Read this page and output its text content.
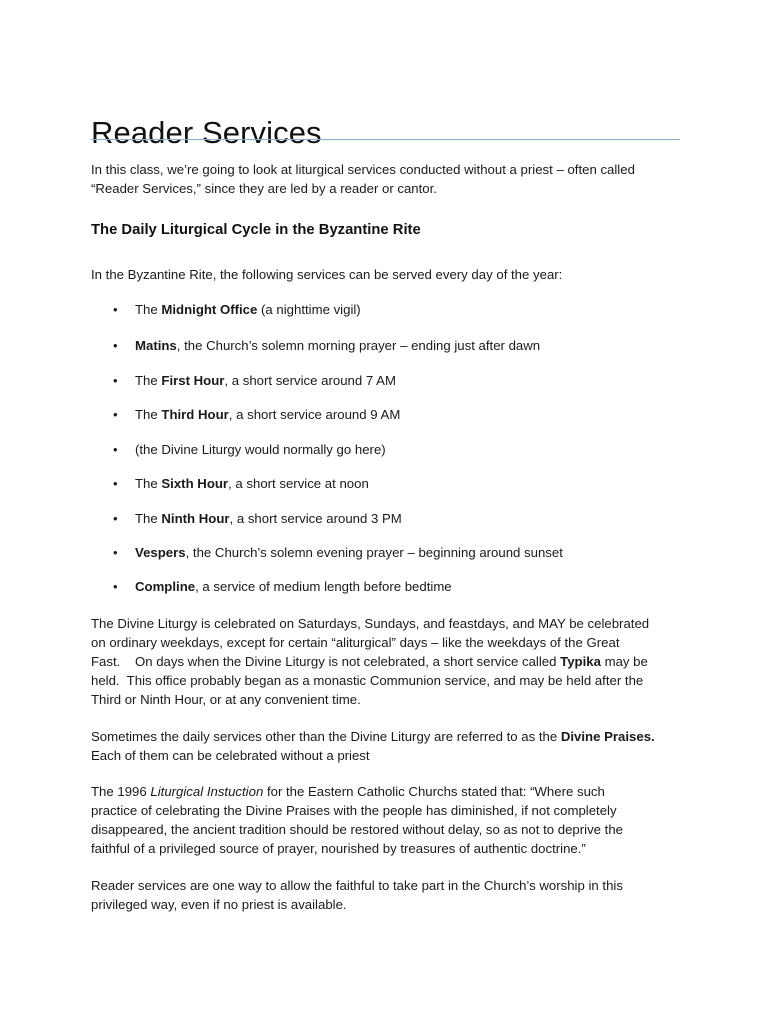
Reader Services

In this class, we’re going to look at liturgical services conducted without a priest – often called
“Reader Services,” since they are led by a reader or cantor.

The Daily Liturgical Cycle in the Byzantine Rite

In the Byzantine Rite, the following services can be served every day of the year:

• The Midnight Office (a nighttime vigil)
• Matins, the Church’s solemn morning prayer – ending just after dawn
• The First Hour, a short service around 7 AM
• The Third Hour, a short service around 9 AM
• (the Divine Liturgy would normally go here)
• The Sixth Hour, a short service at noon
• The Ninth Hour, a short service around 3 PM
• Vespers, the Church’s solemn evening prayer – beginning around sunset
• Compline, a service of medium length before bedtime

The Divine Liturgy is celebrated on Saturdays, Sundays, and feastdays, and MAY be celebrated
on ordinary weekdays, except for certain “aliturgical” days – like the weekdays of the Great
Fast.    On days when the Divine Liturgy is not celebrated, a short service called Typika may be
held.  This office probably began as a monastic Communion service, and may be held after the
Third or Ninth Hour, or at any convenient time.

Sometimes the daily services other than the Divine Liturgy are referred to as the Divine Praises.
Each of them can be celebrated without a priest

The 1996 Liturgical Instuction for the Eastern Catholic Churchs stated that: “Where such
practice of celebrating the Divine Praises with the people has diminished, if not completely
disappeared, the ancient tradition should be restored without delay, so as not to deprive the
faithful of a privileged source of prayer, nourished by treasures of authentic doctrine.”

Reader services are one way to allow the faithful to take part in the Church’s worship in this
privileged way, even if no priest is available.
